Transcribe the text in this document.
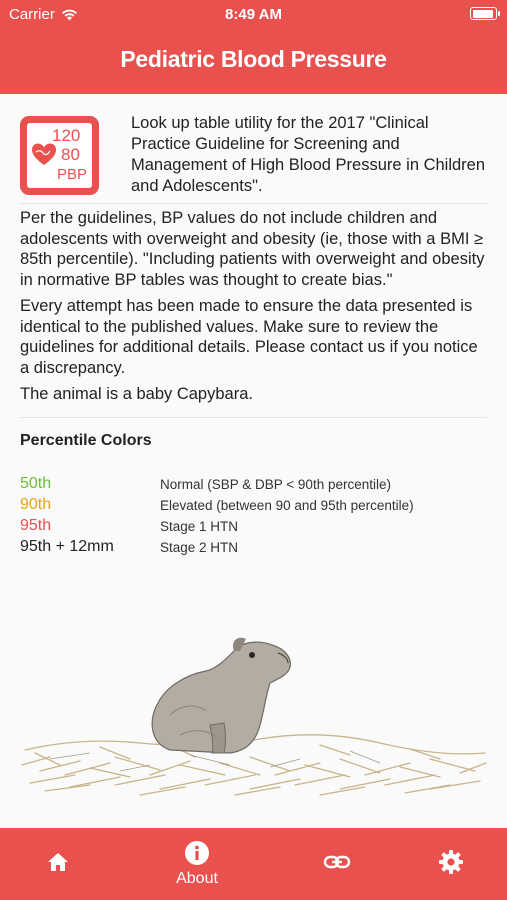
Carrier	8:49 AM
Pediatric Blood Pressure
120
80
PBP
Look up table utility for the 2017 "Clinical Practice Guideline for Screening and Management of High Blood Pressure in Children and Adolescents".

Per the guidelines, BP values do not include children and adolescents with overweight and obesity (ie, those with a BMI ≥ 85th percentile). "Including patients with overweight and obesity in normative BP tables was thought to create bias."

Every attempt has been made to ensure the data presented is identical to the published values. Make sure to review the guidelines for additional details. Please contact us if you notice a discrepancy.

The animal is a baby Capybara.

Percentile Colors
50th	Normal (SBP & DBP < 90th percentile)
90th	Elevated (between 90 and 95th percentile)
95th	Stage 1 HTN
95th + 12mm	Stage 2 HTN
About
